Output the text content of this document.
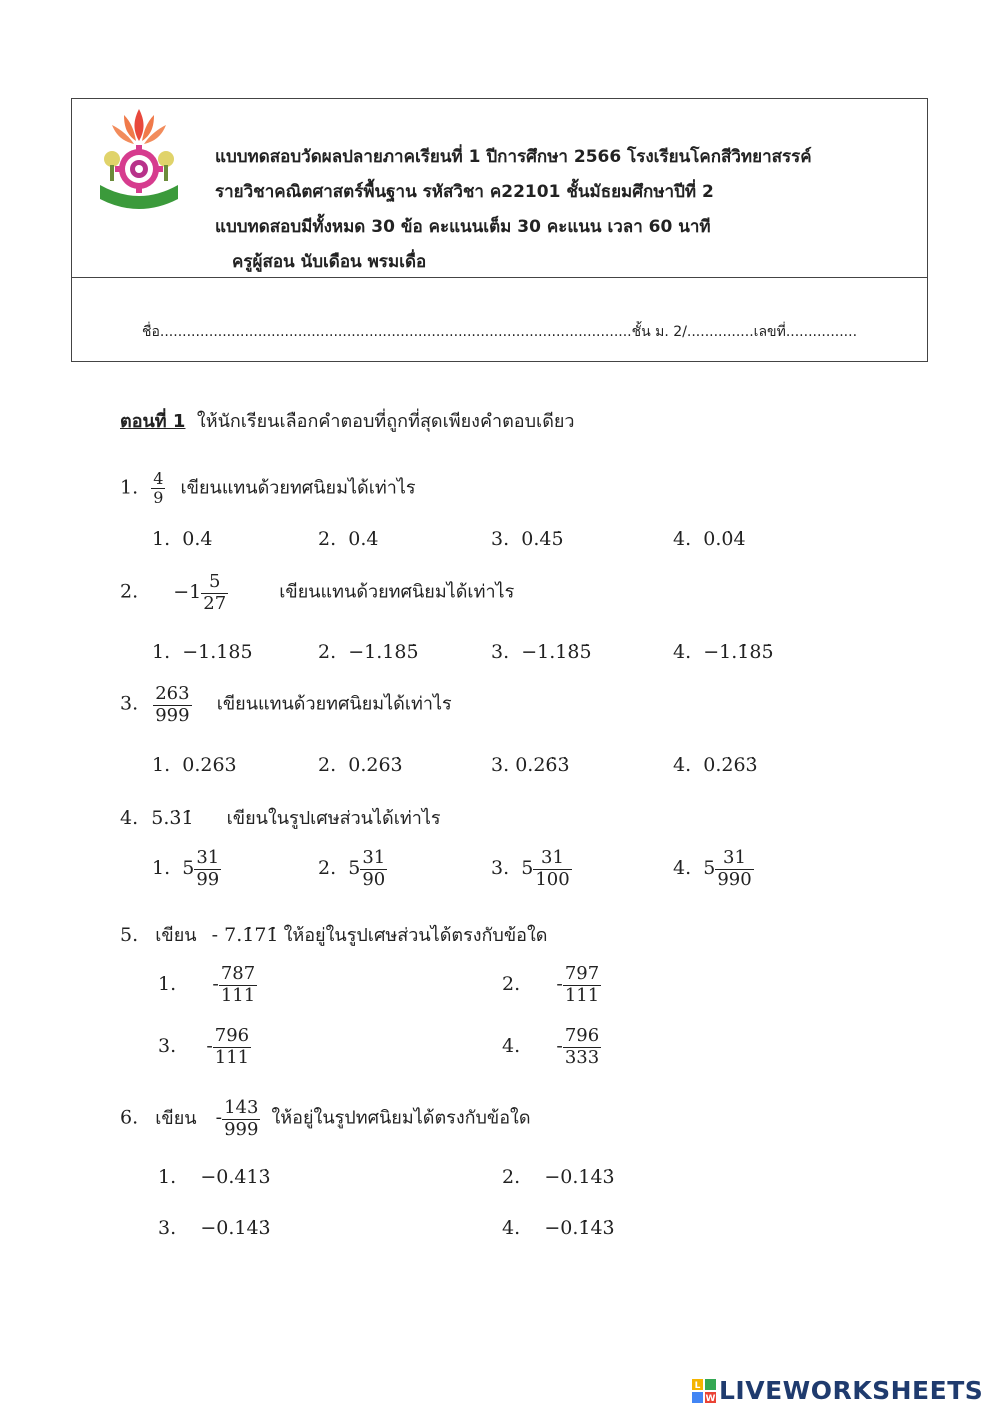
แบบทดสอบวัดผลปลายภาคเรียนที่ 1 ปีการศึกษา 2566 โรงเรียนโคกสีวิทยาสรรค์
รายวิชาคณิตศาสตร์พื้นฐาน รหัสวิชา ค22101 ชั้นมัธยมศึกษาปีที่ 2
แบบทดสอบมีทั้งหมด 30 ข้อ คะแนนเต็ม 30 คะแนน เวลา 60 นาที
ครูผู้สอน นับเดือน พรมเดื่อ
ชื่อ..........................................................................................................ชั้น ม. 2/...............เลขที่................
ตอนที่ 1 ให้นักเรียนเลือกคำตอบที่ถูกที่สุดเพียงคำตอบเดียว
1. $\frac{4}{9}$ เขียนแทนด้วยทศนิยมได้เท่าไร
1. 0.4	2. 0.4̇	3. 0.45̇	4. 0.0̇4̇
2. $-1 \frac{5}{27}$	เขียนแทนด้วยทศนิยมได้เท่าไร
1. −1.185	2. −1.185̇	3. −1.18̇5̇	4. −1.1̇85̇
3. $\frac{263}{999}$ เขียนแทนด้วยทศนิยมได้เท่าไร
1. 0.263	2. 0.263̇	3. 0.26̇3̇	4. 0.2̇63̇
4. 5.3̇1̇ เขียนในรูปเศษส่วนได้เท่าไร
1. $5 \frac{31}{99}$	2. $5 \frac{31}{90}$	3. $5 \frac{31}{100}$	4. $5 \frac{31}{990}$
5. เขียน - 7.1̇71̇ ให้อยู่ในรูปเศษส่วนได้ตรงกับข้อใด
1. - $\frac{787}{111}$	2. - $\frac{797}{111}$
3. - $\frac{796}{111}$	4. - $\frac{796}{333}$
6. เขียน - $\frac{143}{999}$ ให้อยู่ในรูปทศนิยมได้ตรงกับข้อใด
1. −0.4̇13̇	2. −0.143̇
3. −0.14̇3̇	4. −0.1̇43̇
L
W LIVEWORKSHEETS
